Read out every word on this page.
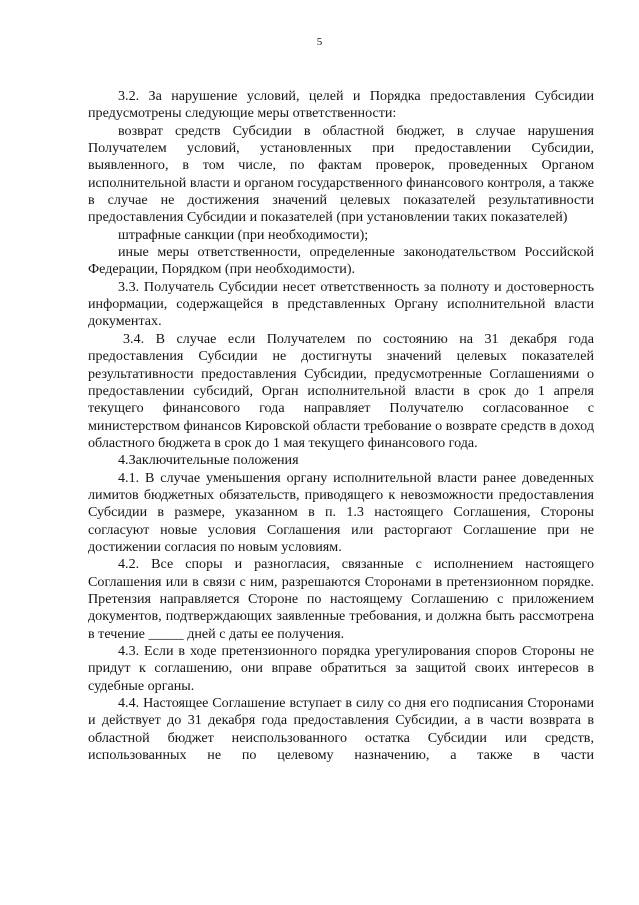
5

3.2. За нарушение условий, целей и Порядка предоставления Субсидии предусмотрены следующие меры ответственности:

возврат средств Субсидии в областной бюджет, в случае нарушения Получателем условий, установленных при предоставлении Субсидии, выявленного, в том числе, по фактам проверок, проведенных Органом исполнительной власти и органом государственного финансового контроля, а также в случае не достижения значений целевых показателей результативности предоставления Субсидии и показателей (при установлении таких показателей)

штрафные санкции (при необходимости);

иные меры ответственности, определенные законодательством Российской Федерации, Порядком (при необходимости).

3.3. Получатель Субсидии несет ответственность за полноту и достоверность информации, содержащейся в представленных Органу исполнительной власти документах.

3.4. В случае если Получателем по состоянию на 31 декабря года предоставления Субсидии не достигнуты значений целевых показателей результативности предоставления Субсидии, предусмотренные Соглашениями о предоставлении субсидий, Орган исполнительной власти в срок до 1 апреля текущего финансового года направляет Получателю согласованное с министерством финансов Кировской области требование о возврате средств в доход областного бюджета в срок до 1 мая текущего финансового года.

4.Заключительные положения

4.1. В случае уменьшения органу исполнительной власти ранее доведенных лимитов бюджетных обязательств, приводящего к невозможности предоставления Субсидии в размере, указанном в п. 1.3 настоящего Соглашения, Стороны согласуют новые условия Соглашения или расторгают Соглашение при не достижении согласия по новым условиям.

4.2. Все споры и разногласия, связанные с исполнением настоящего Соглашения или в связи с ним, разрешаются Сторонами в претензионном порядке. Претензия направляется Стороне по настоящему Соглашению с приложением документов, подтверждающих заявленные требования, и должна быть рассмотрена в течение _____ дней с даты ее получения.

4.3. Если в ходе претензионного порядка урегулирования споров Стороны не придут к соглашению, они вправе обратиться за защитой своих интересов в судебные органы.

4.4. Настоящее Соглашение вступает в силу со дня его подписания Сторонами и действует до 31 декабря года предоставления Субсидии, а в части возврата в областной бюджет неиспользованного остатка Субсидии или средств, использованных не по целевому назначению, а также в части
